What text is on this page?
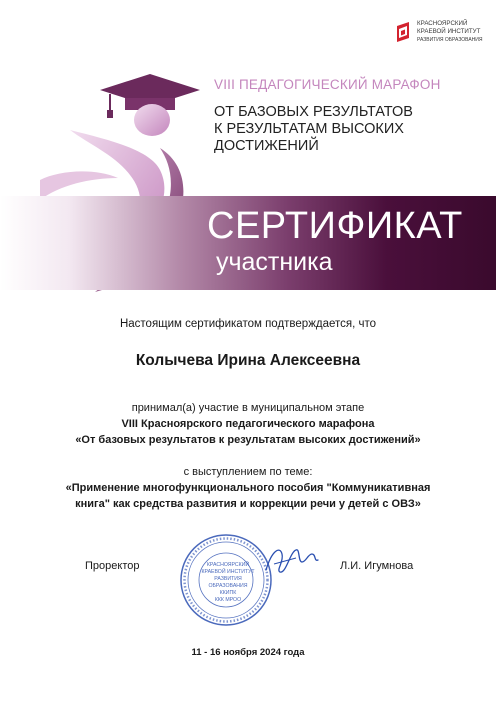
КРАСНОЯРСКИЙ
КРАЕВОЙ ИНСТИТУТ
РАЗВИТИЯ ОБРАЗОВАНИЯ
VIII ПЕДАГОГИЧЕСКИЙ МАРАФОН
ОТ БАЗОВЫХ РЕЗУЛЬТАТОВ
К РЕЗУЛЬТАТАМ ВЫСОКИХ
ДОСТИЖЕНИЙ
СЕРТИФИКАТ
участника
Настоящим сертификатом подтверждается, что
Колычева Ирина Алексеевна
принимал(а) участие в муниципальном этапе
VIII Красноярского педагогического марафона
«От базовых результатов к результатам высоких достижений»
с выступлением по теме:
«Применение многофункционального пособия "Коммуникативная
книга" как средства развития и коррекции речи у детей с ОВЗ»
КРАСНОЯРСКИЙ
КРАЕВОЙ ИНСТИТУТ
РАЗВИТИЯ
ОБРАЗОВАНИЯ
ККИПК
ККК МРОО
Проректор	Л.И. Игумнова
11 - 16 ноября 2024 года
